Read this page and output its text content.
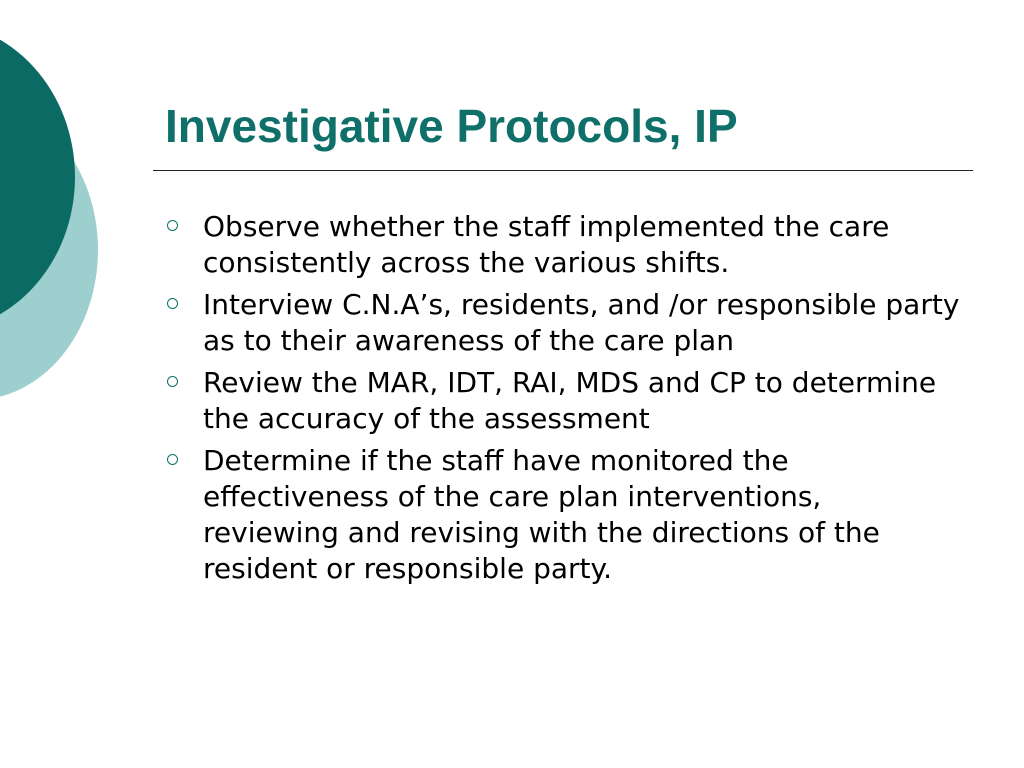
Investigative Protocols, IP
Observe whether the staff implemented the care consistently across the various shifts.
Interview C.N.A’s, residents, and /or responsible party as to their awareness of the care plan
Review the MAR, IDT, RAI, MDS and CP to determine the accuracy of the assessment
Determine if the staff have monitored the effectiveness of the care plan interventions, reviewing and revising with the directions of the resident or responsible party.
